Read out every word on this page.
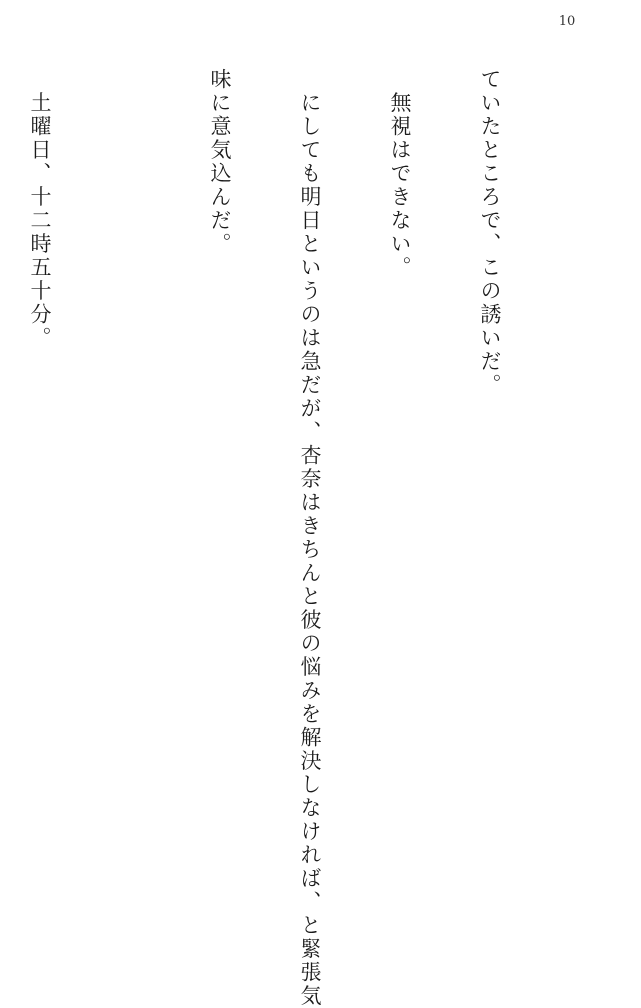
10

ていたところで、この誘いだ。

　無視はできない。

　にしても明日というのは急だが、杏奈はきちんと彼の悩みを解決しなければ、と緊張気

味に意気込んだ。

　土曜日、十二時五十分。
